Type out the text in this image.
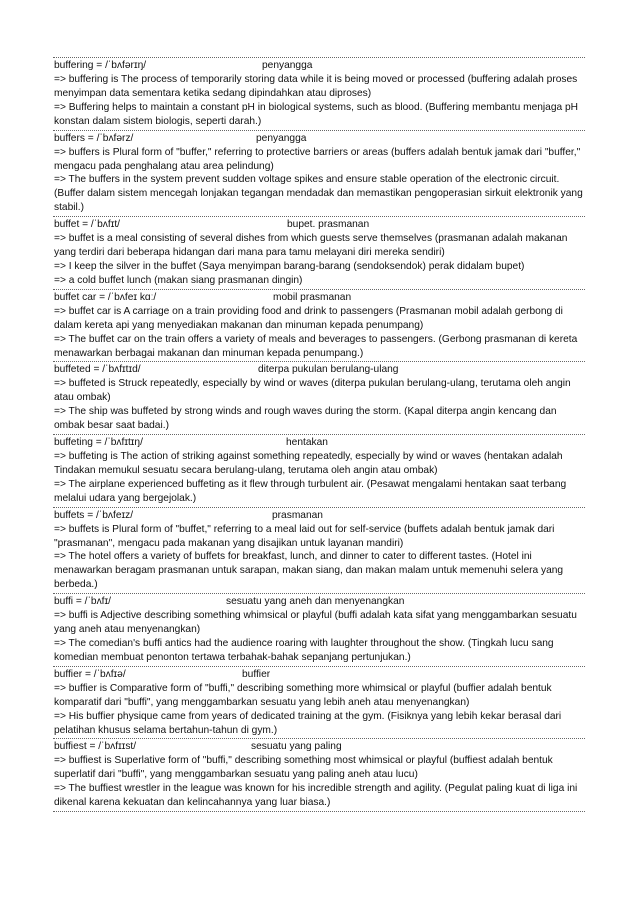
buffering = /ˈbʌfərɪŋ/	penyangga
=> buffering is The process of temporarily storing data while it is being moved or processed (buffering adalah proses menyimpan data sementara ketika sedang dipindahkan atau diproses)
=> Buffering helps to maintain a constant pH in biological systems, such as blood. (Buffering membantu menjaga pH konstan dalam sistem biologis, seperti darah.)
buffers = /ˈbʌfərz/	penyangga
=> buffers is Plural form of "buffer," referring to protective barriers or areas (buffers adalah bentuk jamak dari "buffer," mengacu pada penghalang atau area pelindung)
=> The buffers in the system prevent sudden voltage spikes and ensure stable operation of the electronic circuit. (Buffer dalam sistem mencegah lonjakan tegangan mendadak dan memastikan pengoperasian sirkuit elektronik yang stabil.)
buffet = /ˈbʌfɪt/	bupet. prasmanan
=> buffet is a meal consisting of several dishes from which guests serve themselves (prasmanan adalah makanan yang terdiri dari beberapa hidangan dari mana para tamu melayani diri mereka sendiri)
=> I keep the silver in the buffet (Saya menyimpan barang-barang (sendoksendok) perak didalam bupet)
=> a cold buffet lunch (makan siang prasmanan dingin)
buffet car = /ˈbʌfeɪ kɑː/	mobil prasmanan
=> buffet car is A carriage on a train providing food and drink to passengers (Prasmanan mobil adalah gerbong di dalam kereta api yang menyediakan makanan dan minuman kepada penumpang)
=> The buffet car on the train offers a variety of meals and beverages to passengers. (Gerbong prasmanan di kereta menawarkan berbagai makanan dan minuman kepada penumpang.)
buffeted = /ˈbʌfɪtɪd/	diterpa pukulan berulang-ulang
=> buffeted is Struck repeatedly, especially by wind or waves (diterpa pukulan berulang-ulang, terutama oleh angin atau ombak)
=> The ship was buffeted by strong winds and rough waves during the storm. (Kapal diterpa angin kencang dan ombak besar saat badai.)
buffeting = /ˈbʌfɪtɪŋ/	hentakan
=> buffeting is The action of striking against something repeatedly, especially by wind or waves (hentakan adalah Tindakan memukul sesuatu secara berulang-ulang, terutama oleh angin atau ombak)
=> The airplane experienced buffeting as it flew through turbulent air. (Pesawat mengalami hentakan saat terbang melalui udara yang bergejolak.)
buffets = /ˈbʌfeɪz/	prasmanan
=> buffets is Plural form of "buffet," referring to a meal laid out for self-service (buffets adalah bentuk jamak dari "prasmanan", mengacu pada makanan yang disajikan untuk layanan mandiri)
=> The hotel offers a variety of buffets for breakfast, lunch, and dinner to cater to different tastes. (Hotel ini menawarkan beragam prasmanan untuk sarapan, makan siang, dan makan malam untuk memenuhi selera yang berbeda.)
buffi = /ˈbʌfɪ/	sesuatu yang aneh dan menyenangkan
=> buffi is Adjective describing something whimsical or playful (buffi adalah kata sifat yang menggambarkan sesuatu yang aneh atau menyenangkan)
=> The comedian's buffi antics had the audience roaring with laughter throughout the show. (Tingkah lucu sang komedian membuat penonton tertawa terbahak-bahak sepanjang pertunjukan.)
buffier = /ˈbʌfɪə/	buffier
=> buffier is Comparative form of "buffi," describing something more whimsical or playful (buffier adalah bentuk komparatif dari "buffi", yang menggambarkan sesuatu yang lebih aneh atau menyenangkan)
=> His buffier physique came from years of dedicated training at the gym. (Fisiknya yang lebih kekar berasal dari pelatihan khusus selama bertahun-tahun di gym.)
buffiest = /ˈbʌfɪɪst/	sesuatu yang paling
=> buffiest is Superlative form of "buffi," describing something most whimsical or playful (buffiest adalah bentuk superlatif dari "buffi", yang menggambarkan sesuatu yang paling aneh atau lucu)
=> The buffiest wrestler in the league was known for his incredible strength and agility. (Pegulat paling kuat di liga ini dikenal karena kekuatan dan kelincahannya yang luar biasa.)
